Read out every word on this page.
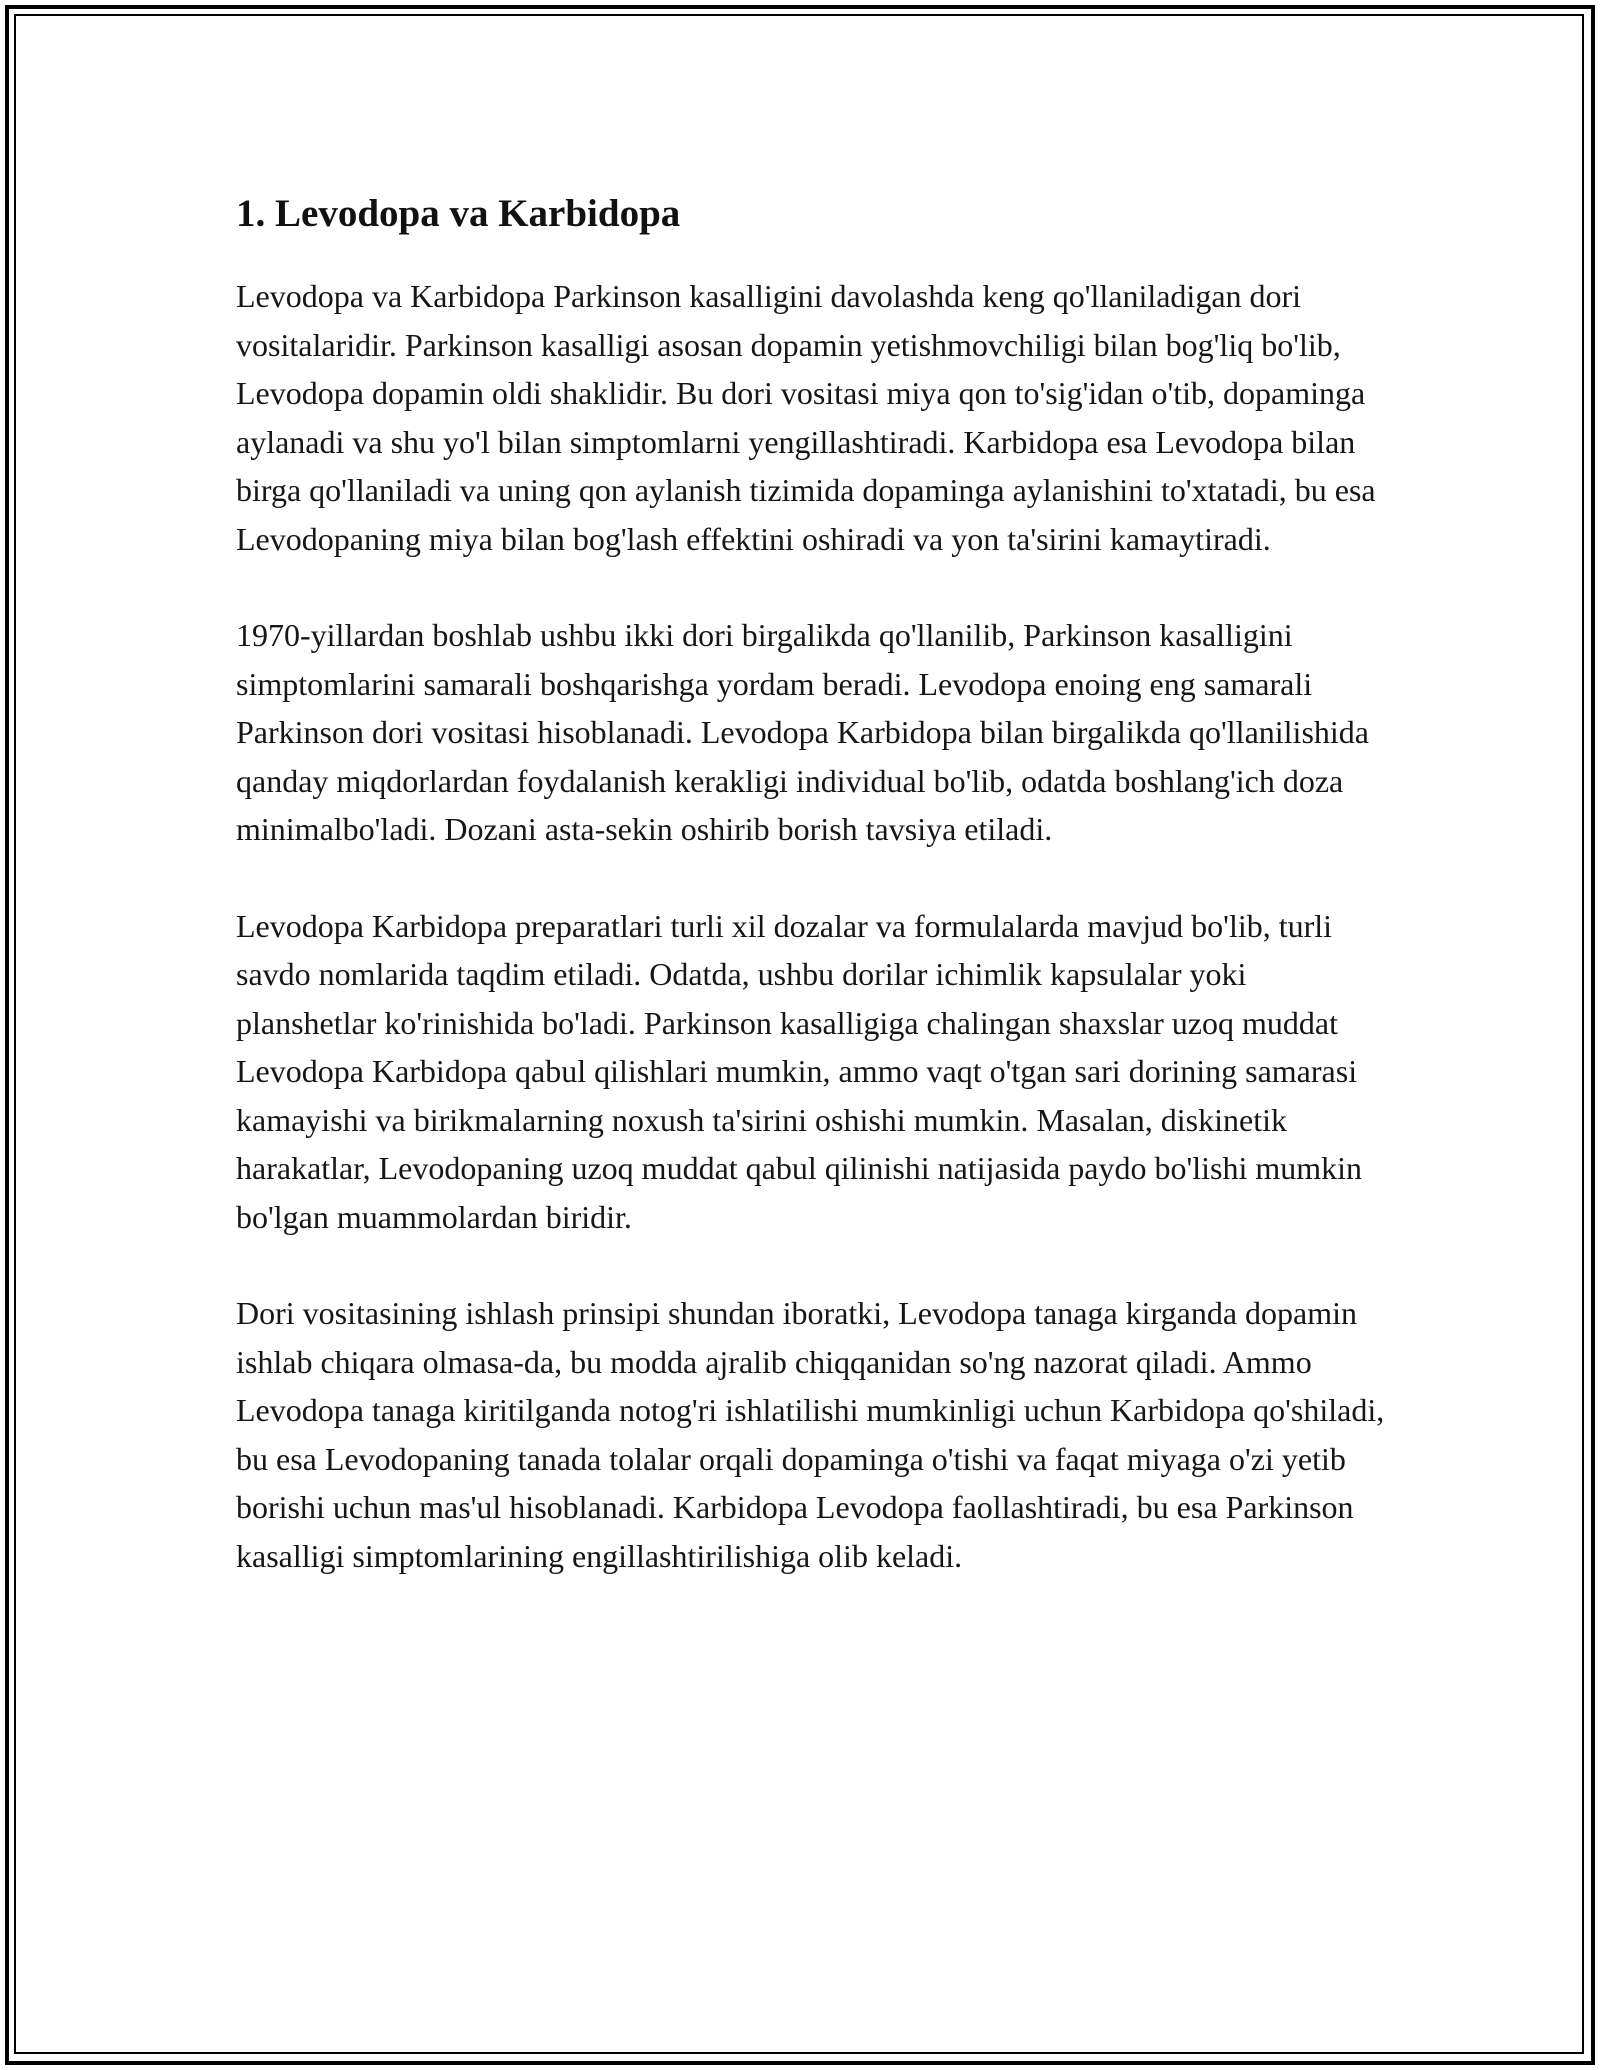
1. Levodopa va Karbidopa

Levodopa va Karbidopa Parkinson kasalligini davolashda keng qo'llaniladigan dori vositalaridir. Parkinson kasalligi asosan dopamin yetishmovchiligi bilan bog'liq bo'lib, Levodopa dopamin oldi shaklidir. Bu dori vositasi miya qon to'sig'idan o'tib, dopaminga aylanadi va shu yo'l bilan simptomlarni yengillashtiradi. Karbidopa esa Levodopa bilan birga qo'llaniladi va uning qon aylanish tizimida dopaminga aylanishini to'xtatadi, bu esa Levodopaning miya bilan bog'lash effektini oshiradi va yon ta'sirini kamaytiradi.

1970-yillardan boshlab ushbu ikki dori birgalikda qo'llanilib, Parkinson kasalligini simptomlarini samarali boshqarishga yordam beradi. Levodopa enoing eng samarali Parkinson dori vositasi hisoblanadi. Levodopa Karbidopa bilan birgalikda qo'llanilishida qanday miqdorlardan foydalanish kerakligi individual bo'lib, odatda boshlang'ich doza minimalbo'ladi. Dozani asta-sekin oshirib borish tavsiya etiladi.

Levodopa Karbidopa preparatlari turli xil dozalar va formulalarda mavjud bo'lib, turli savdo nomlarida taqdim etiladi. Odatda, ushbu dorilar ichimlik kapsulalar yoki planshetlar ko'rinishida bo'ladi. Parkinson kasalligiga chalingan shaxslar uzoq muddat Levodopa Karbidopa qabul qilishlari mumkin, ammo vaqt o'tgan sari dorining samarasi kamayishi va birikmalarning noxush ta'sirini oshishi mumkin. Masalan, diskinetik harakatlar, Levodopaning uzoq muddat qabul qilinishi natijasida paydo bo'lishi mumkin bo'lgan muammolardan biridir.

Dori vositasining ishlash prinsipi shundan iboratki, Levodopa tanaga kirganda dopamin ishlab chiqara olmasa-da, bu modda ajralib chiqqanidan so'ng nazorat qiladi. Ammo Levodopa tanaga kiritilganda notog'ri ishlatilishi mumkinligi uchun Karbidopa qo'shiladi, bu esa Levodopaning tanada tolalar orqali dopaminga o'tishi va faqat miyaga o'zi yetib borishi uchun mas'ul hisoblanadi. Karbidopa Levodopa faollashtiradi, bu esa Parkinson kasalligi simptomlarining engillashtirilishiga olib keladi.
